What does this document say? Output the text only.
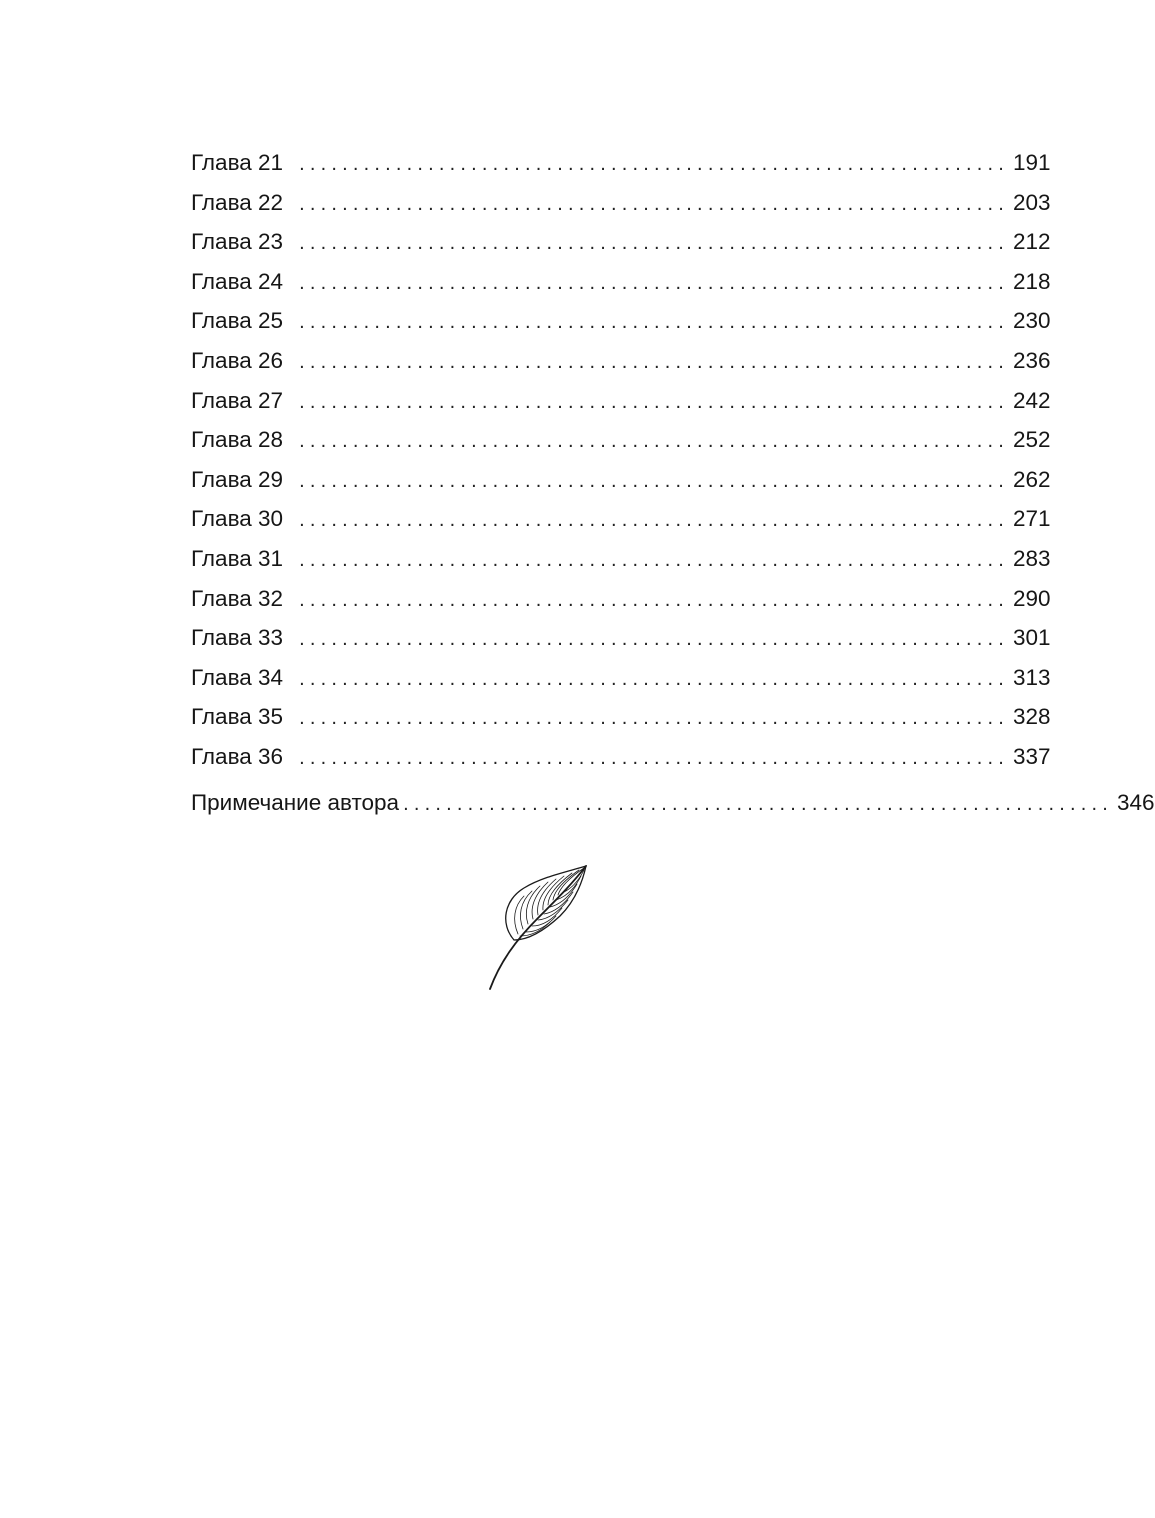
Глава 21 .................................................................. 191
Глава 22 .................................................................. 203
Глава 23 .................................................................. 212
Глава 24 .................................................................. 218
Глава 25 .................................................................. 230
Глава 26 .................................................................. 236
Глава 27 .................................................................. 242
Глава 28 .................................................................. 252
Глава 29 .................................................................. 262
Глава 30 .................................................................. 271
Глава 31 .................................................................. 283
Глава 32 .................................................................. 290
Глава 33 .................................................................. 301
Глава 34 .................................................................. 313
Глава 35 .................................................................. 328
Глава 36 .................................................................. 337
Примечание автора .................................................................. 346
